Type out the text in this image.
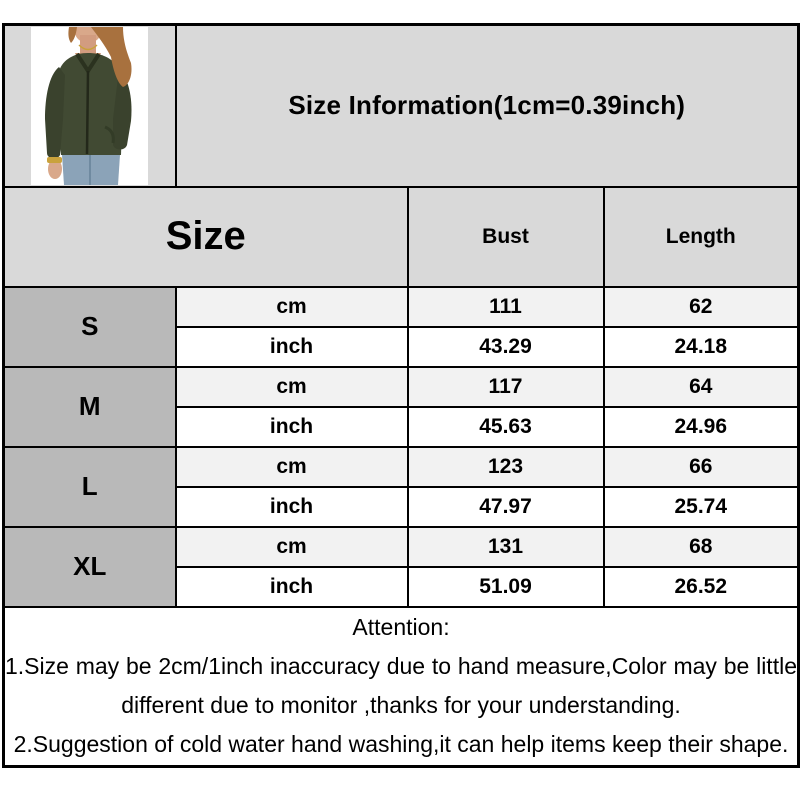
	Size Information(1cm=0.39inch)		
Size		Bust	Length
S	cm	111	62
	inch	43.29	24.18
M	cm	117	64
	inch	45.63	24.96
L	cm	123	66
	inch	47.97	25.74
XL	cm	131	68
	inch	51.09	26.52

Attention:
1.Size may be 2cm/1inch inaccuracy due to hand measure,Color may be little
different due to monitor ,thanks for your understanding.
2.Suggestion of cold water hand washing,it can help items keep their shape.			
